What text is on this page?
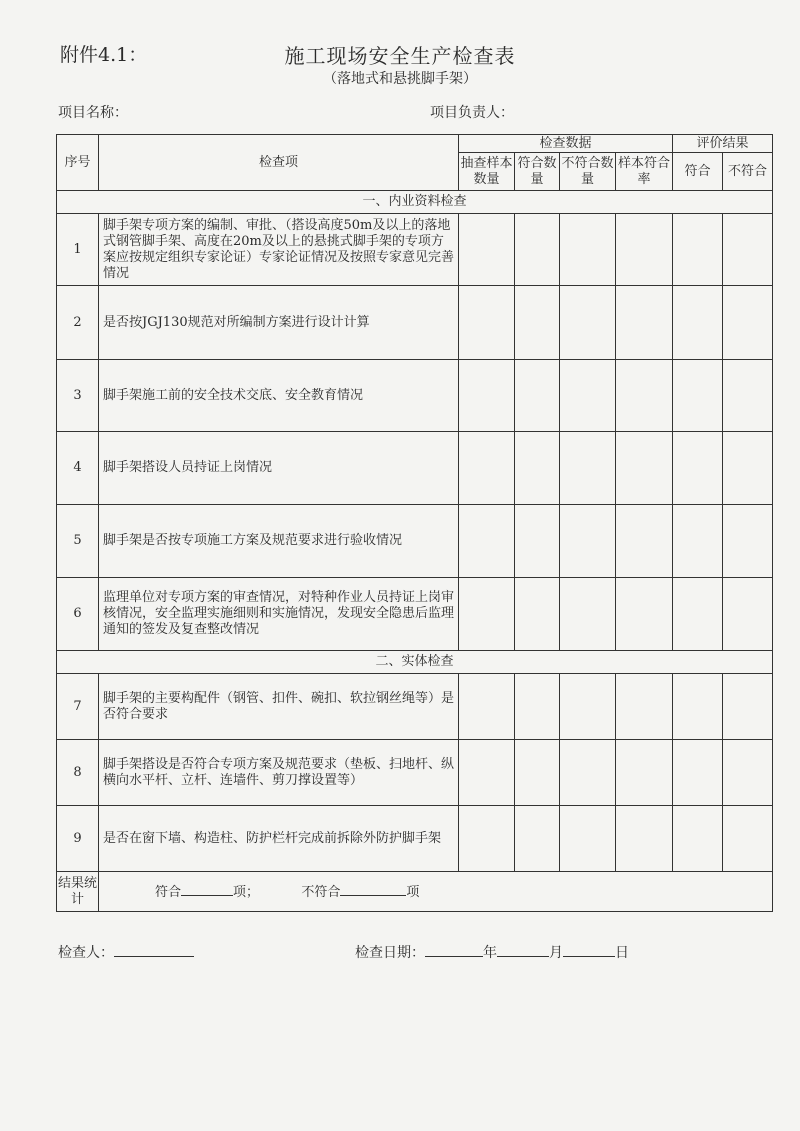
附件4.1：	施工现场安全生产检查表
（落地式和悬挑脚手架）
项目名称：	项目负责人：
序号	检查项	检查数据				评价结果	
		抽查样本数量	符合数量	不符合数量	样本符合率	符合	不符合
一、内业资料检查							
1	脚手架专项方案的编制、审批、（搭设高度50m及以上的落地式钢管脚手架、高度在20m及以上的悬挑式脚手架的专项方案应按规定组织专家论证）专家论证情况及按照专家意见完善情况						
2	是否按JGJ130规范对所编制方案进行设计计算						
3	脚手架施工前的安全技术交底、安全教育情况						
4	脚手架搭设人员持证上岗情况						
5	脚手架是否按专项施工方案及规范要求进行验收情况						
6	监理单位对专项方案的审查情况，对特种作业人员持证上岗审核情况，安全监理实施细则和实施情况，发现安全隐患后监理通知的签发及复查整改情况						
二、实体检查							
7	脚手架的主要构配件（钢管、扣件、碗扣、软拉钢丝绳等）是否符合要求						
8	脚手架搭设是否符合专项方案及规范要求（垫板、扫地杆、纵横向水平杆、立杆、连墙件、剪刀撑设置等）						
9	是否在窗下墙、构造柱、防护栏杆完成前拆除外防护脚手架						
结果统计	符合 项； 不符合 项						
检查人：	检查日期：	年	月	日
